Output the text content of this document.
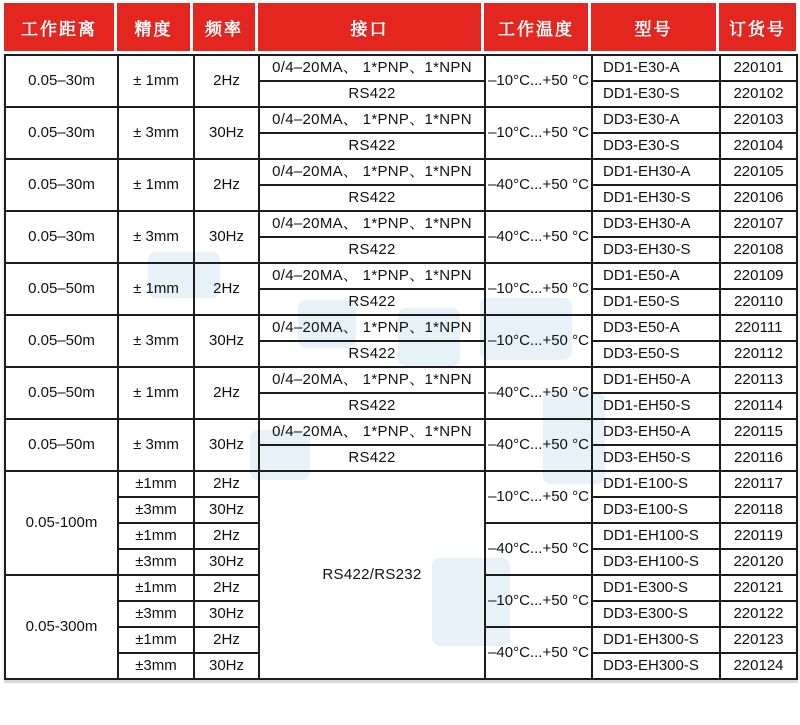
工作距离	精度	频率	接口	工作温度	型号	订货号
0.05–30m	± 1mm	2Hz	0/4–20MA、 1*PNP、1*NPN	–10°C...+50 °C	DD1-E30-A	220101
			RS422		DD1-E30-S	220102
0.05–30m	± 3mm	30Hz	0/4–20MA、 1*PNP、1*NPN	–10°C...+50 °C	DD3-E30-A	220103
			RS422		DD3-E30-S	220104
0.05–30m	± 1mm	2Hz	0/4–20MA、 1*PNP、1*NPN	–40°C...+50 °C	DD1-EH30-A	220105
			RS422		DD1-EH30-S	220106
0.05–30m	± 3mm	30Hz	0/4–20MA、 1*PNP、1*NPN	–40°C...+50 °C	DD3-EH30-A	220107
			RS422		DD3-EH30-S	220108
0.05–50m	± 1mm	2Hz	0/4–20MA、 1*PNP、1*NPN	–10°C...+50 °C	DD1-E50-A	220109
			RS422		DD1-E50-S	220110
0.05–50m	± 3mm	30Hz	0/4–20MA、 1*PNP、1*NPN	–10°C...+50 °C	DD3-E50-A	220111
			RS422		DD3-E50-S	220112
0.05–50m	± 1mm	2Hz	0/4–20MA、 1*PNP、1*NPN	–40°C...+50 °C	DD1-EH50-A	220113
			RS422		DD1-EH50-S	220114
0.05–50m	± 3mm	30Hz	0/4–20MA、 1*PNP、1*NPN	–40°C...+50 °C	DD3-EH50-A	220115
			RS422		DD3-EH50-S	220116
0.05-100m	±1mm	2Hz	RS422/RS232	–10°C...+50 °C	DD1-E100-S	220117
	±3mm	30Hz			DD3-E100-S	220118
	±1mm	2Hz		–40°C...+50 °C	DD1-EH100-S	220119
	±3mm	30Hz			DD3-EH100-S	220120
0.05-300m	±1mm	2Hz		–10°C...+50 °C	DD1-E300-S	220121
	±3mm	30Hz			DD3-E300-S	220122
	±1mm	2Hz		–40°C...+50 °C	DD1-EH300-S	220123
	±3mm	30Hz			DD3-EH300-S	220124
